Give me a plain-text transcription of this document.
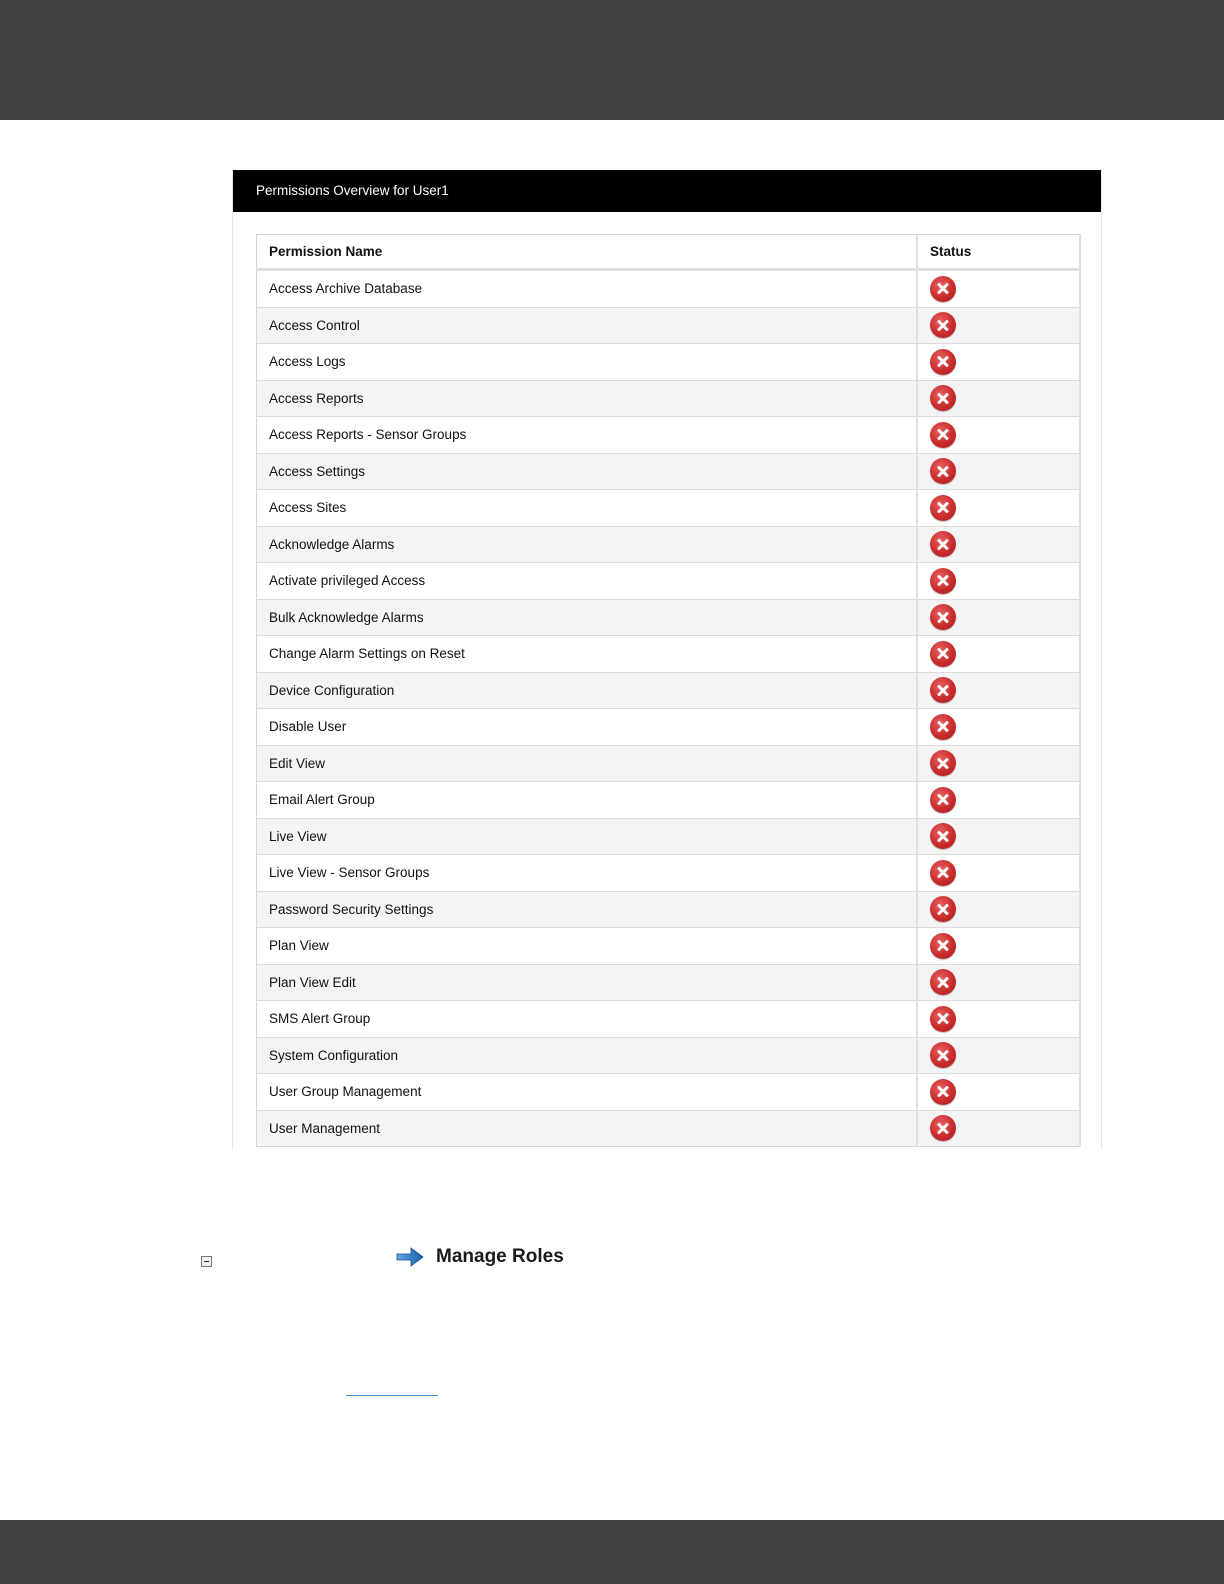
Permissions Overview for User1
Permission Name	Status
Access Archive Database	
Access Control	
Access Logs	
Access Reports	
Access Reports - Sensor Groups	
Access Settings	
Access Sites	
Acknowledge Alarms	
Activate privileged Access	
Bulk Acknowledge Alarms	
Change Alarm Settings on Reset	
Device Configuration	
Disable User	
Edit View	
Email Alert Group	
Live View	
Live View - Sensor Groups	
Password Security Settings	
Plan View	
Plan View Edit	
SMS Alert Group	
System Configuration	
User Group Management	
User Management	
Manage Roles
